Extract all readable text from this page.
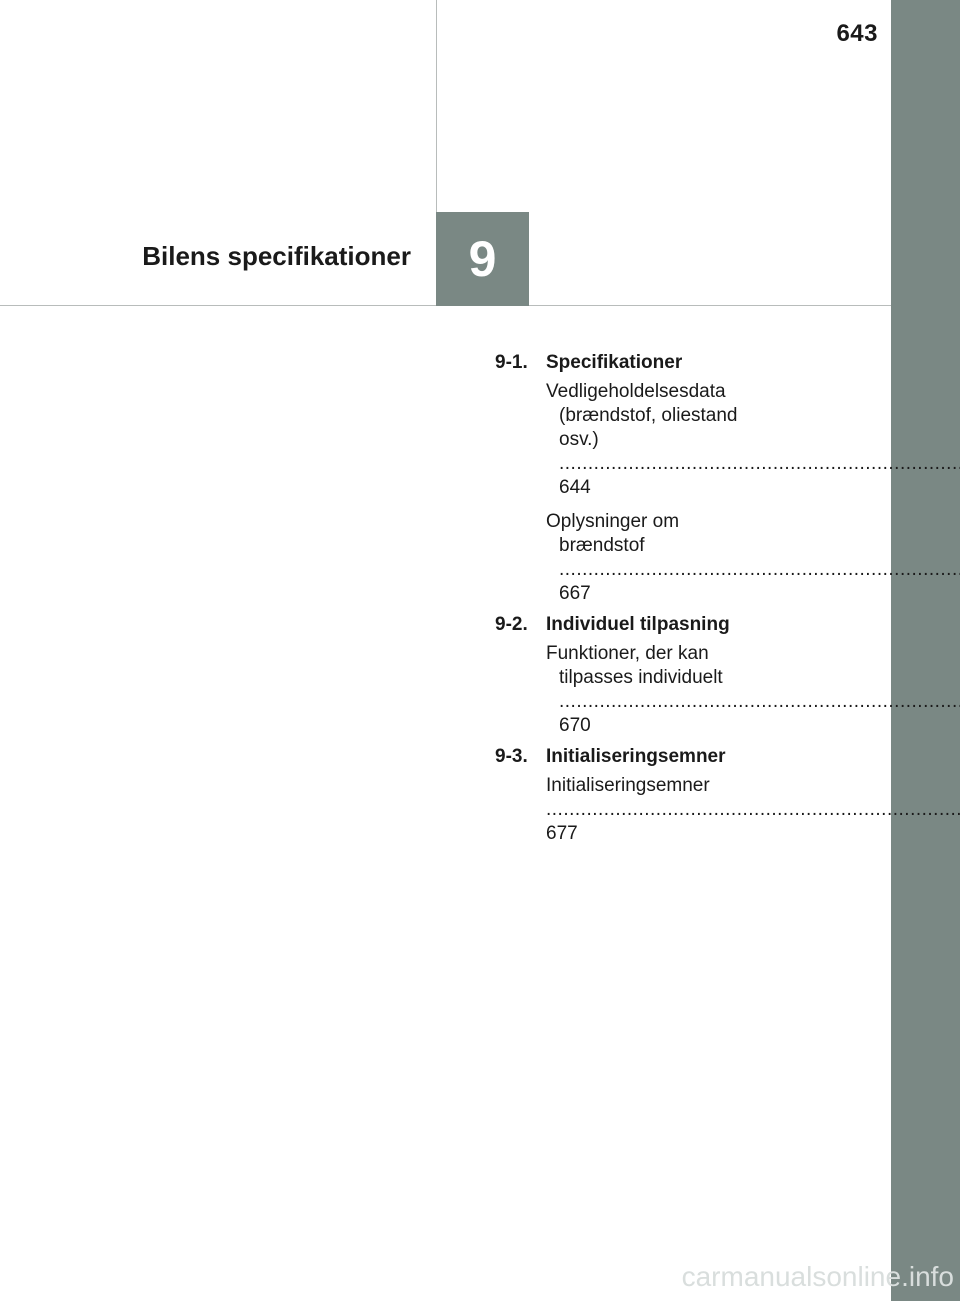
643
Bilens specifikationer 9
9-1. Specifikationer
Vedligeholdelsesdata
(brændstof, oliestand
osv.) ..... 644
Oplysninger om
brændstof ..... 667
9-2. Individuel tilpasning
Funktioner, der kan
tilpasses individuelt ..... 670
9-3. Initialiseringsemner
Initialiseringsemner ..... 677
carmanualsonline.info
